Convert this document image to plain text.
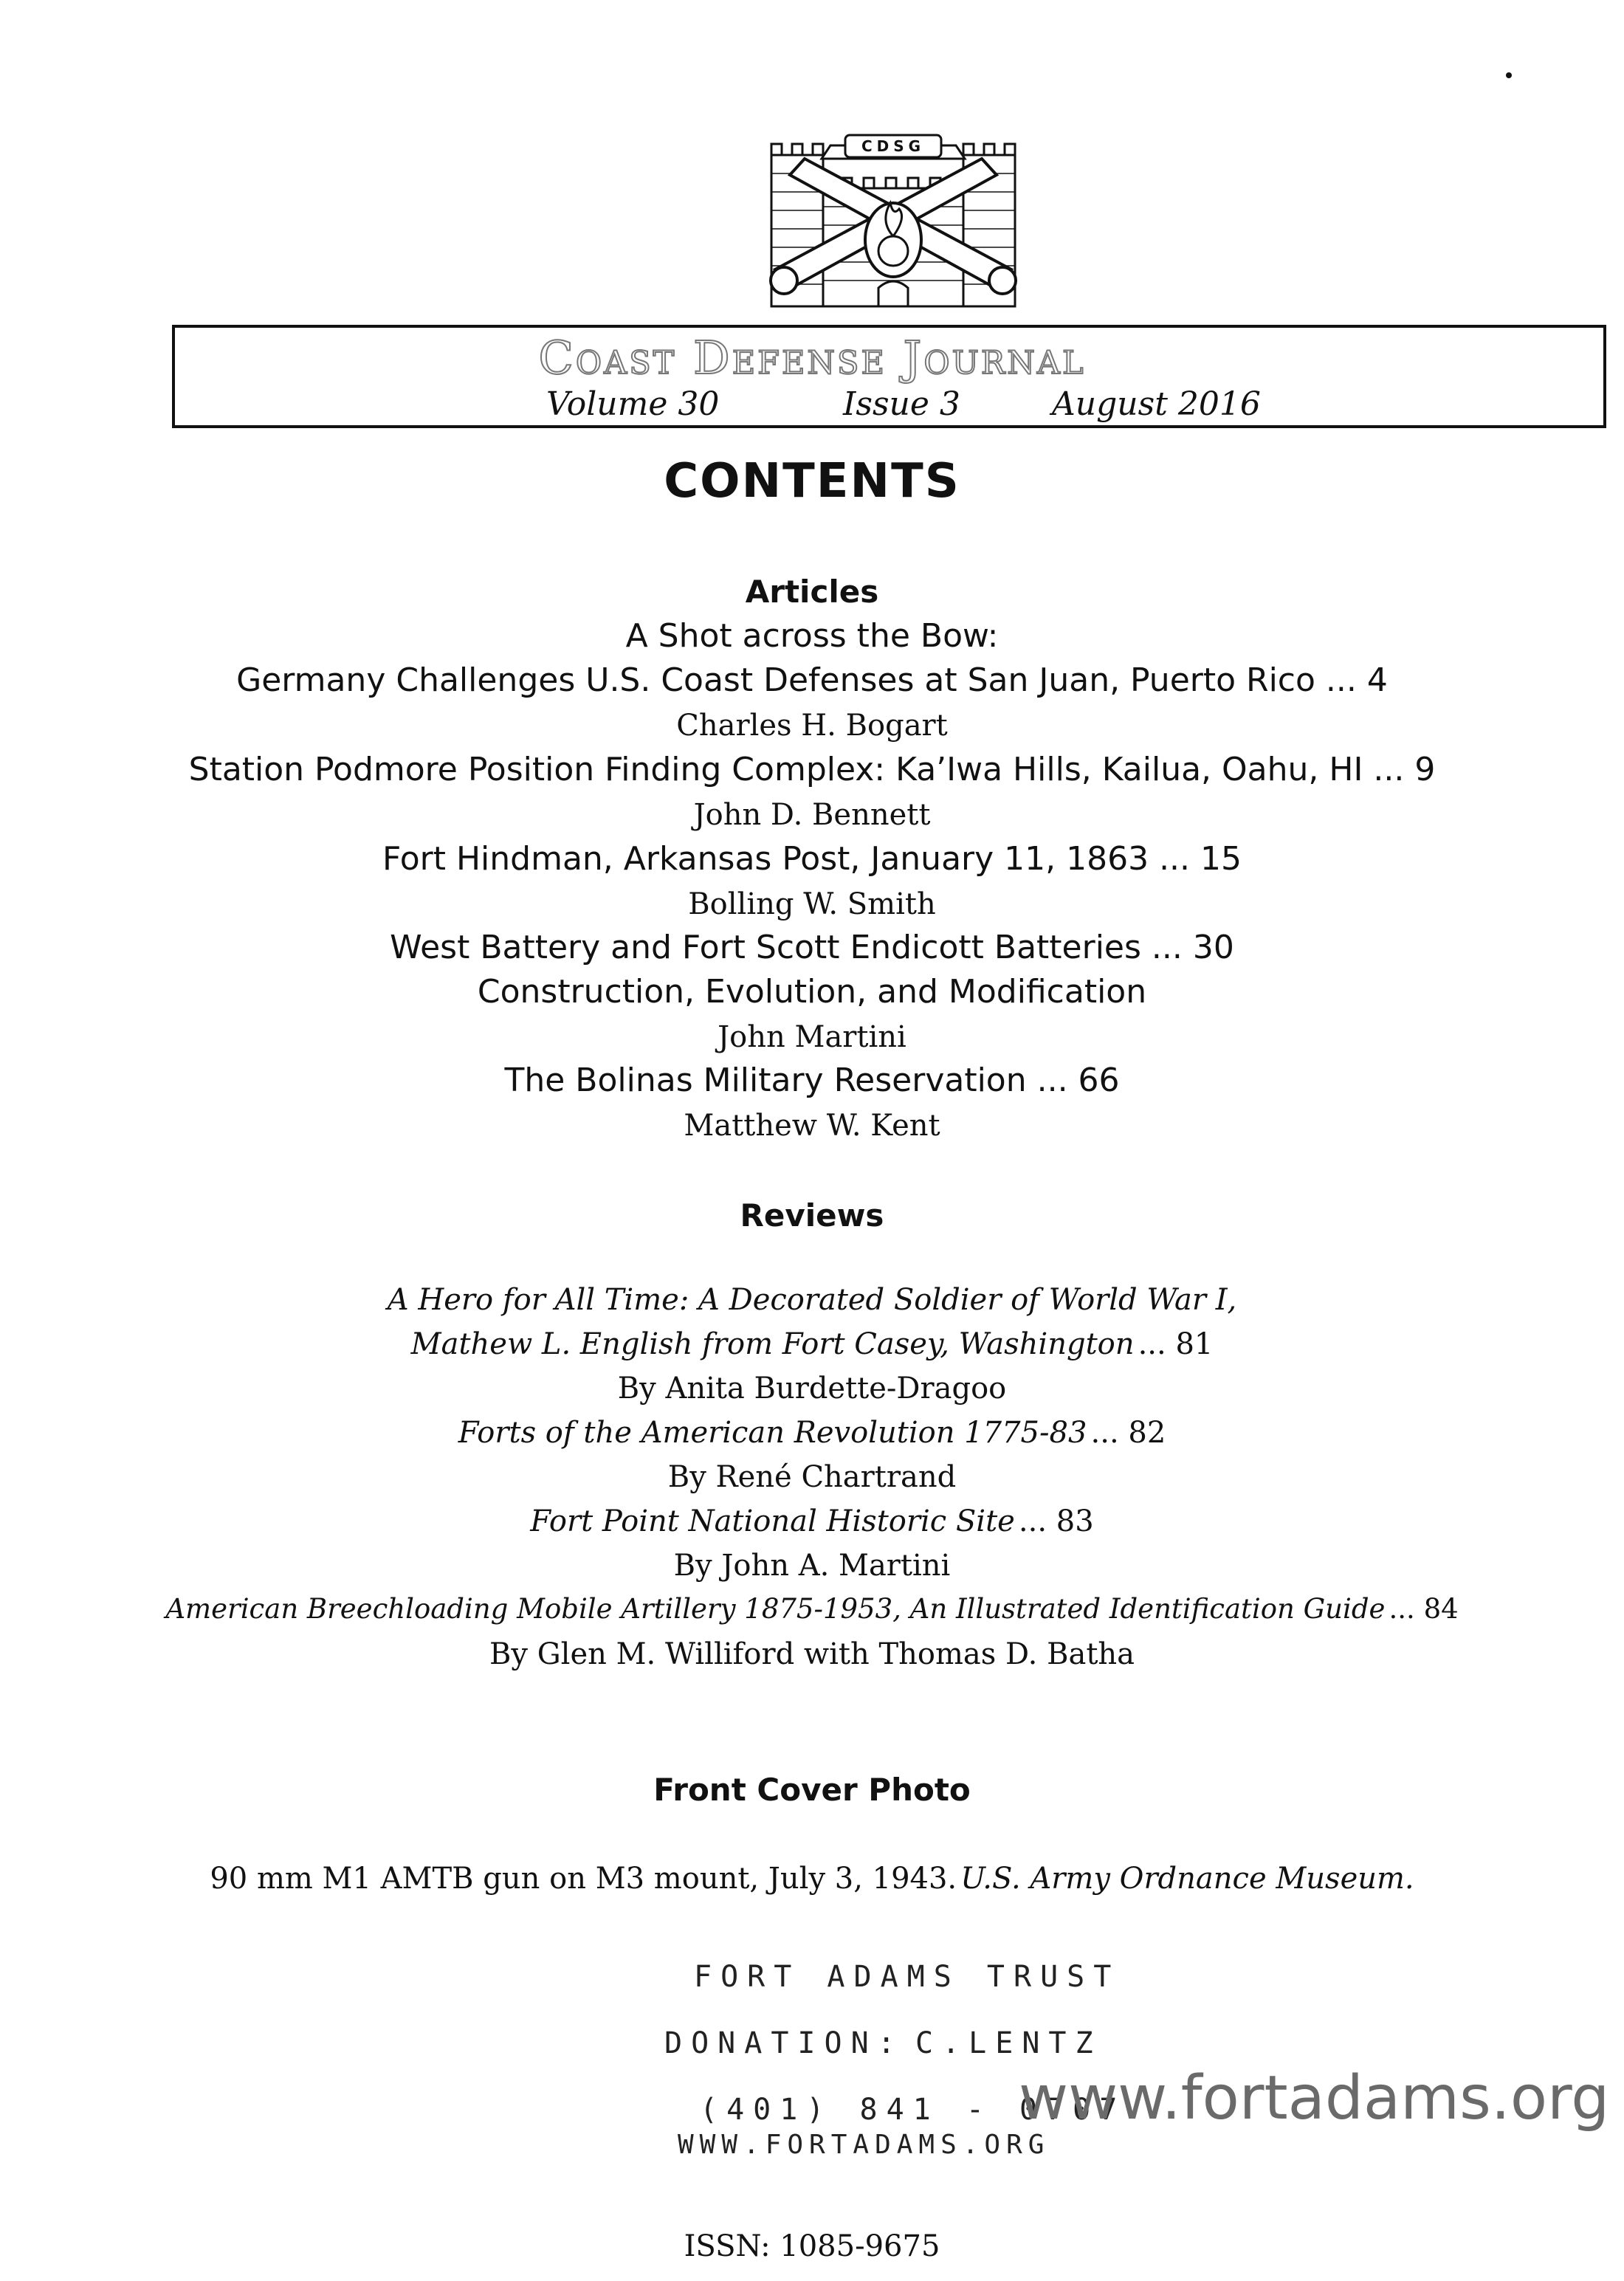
CDSG
Coast Defense Journal
Volume 30	Issue 3	August 2016
CONTENTS
Articles
A Shot across the Bow:
Germany Challenges U.S. Coast Defenses at San Juan, Puerto Rico ... 4
Charles H. Bogart
Station Podmore Position Finding Complex: Ka’Iwa Hills, Kailua, Oahu, HI ... 9
John D. Bennett
Fort Hindman, Arkansas Post, January 11, 1863 ... 15
Bolling W. Smith
West Battery and Fort Scott Endicott Batteries ... 30
Construction, Evolution, and Modification
John Martini
The Bolinas Military Reservation ... 66
Matthew W. Kent
Reviews
A Hero for All Time: A Decorated Soldier of World War I,
Mathew L. English from Fort Casey, Washington ... 81
By Anita Burdette-Dragoo
Forts of the American Revolution 1775-83 ... 82
By René Chartrand
Fort Point National Historic Site ... 83
By John A. Martini
American Breechloading Mobile Artillery 1875-1953, An Illustrated Identification Guide ... 84
By Glen M. Williford with Thomas D. Batha
Front Cover Photo
90 mm M1 AMTB gun on M3 mount, July 3, 1943. U.S. Army Ordnance Museum.
FORT ADAMS TRUST
DONATION: C.LENTZ
(401) 841 - 0707
WWW.FORTADAMS.ORG
www.fortadams.org
ISSN: 1085-9675
